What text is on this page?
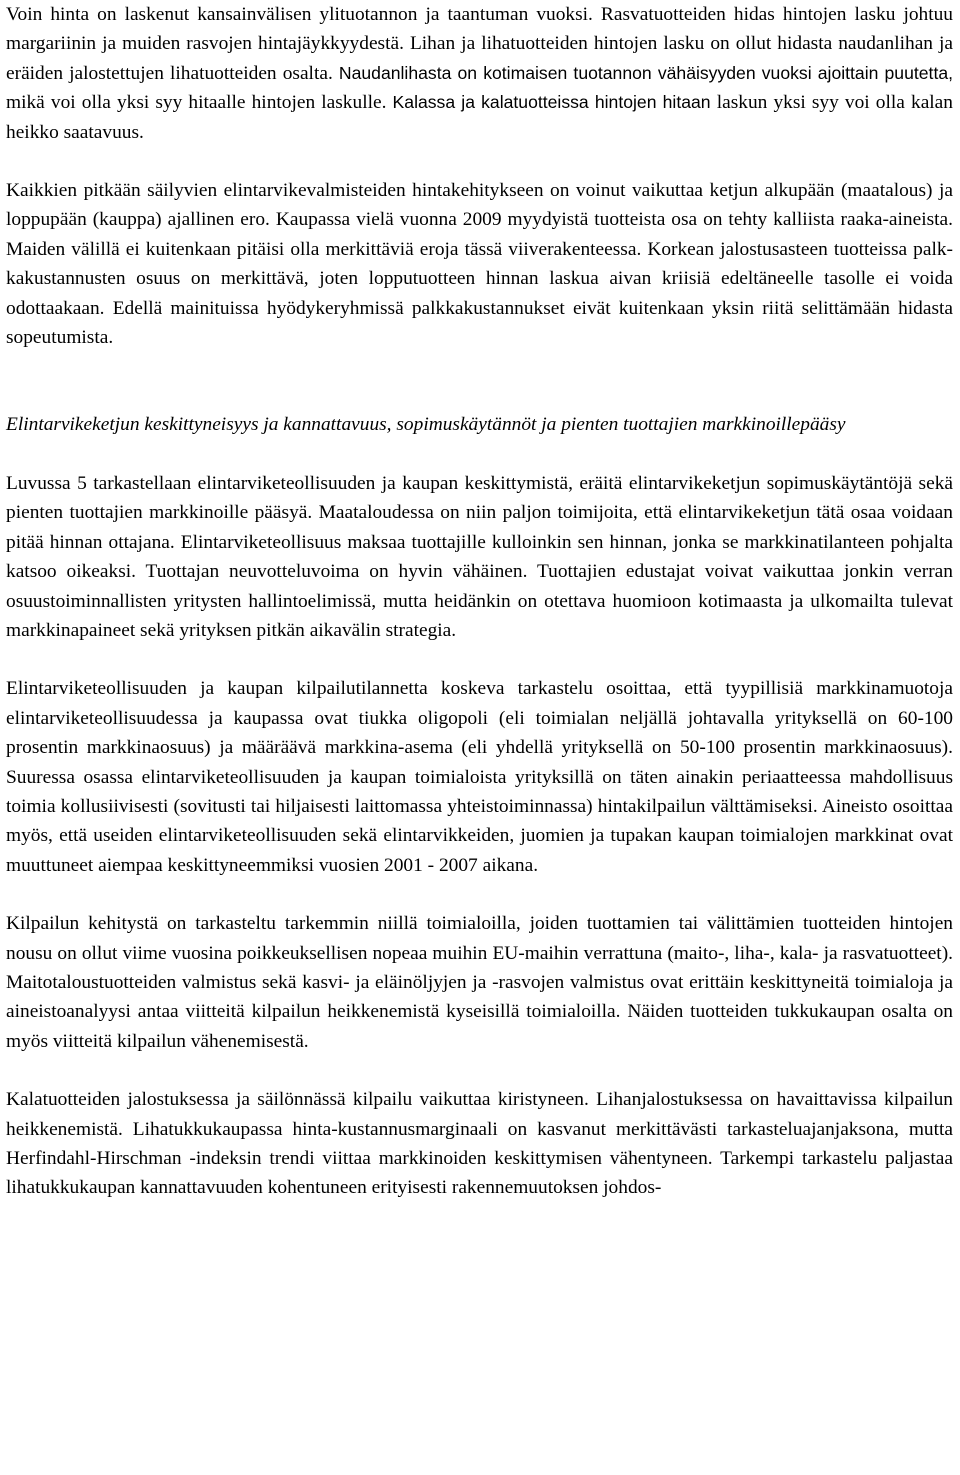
Voin hinta on laskenut kansainvälisen ylituotannon ja taantuman vuoksi. Rasvatuotteiden hidas hintojen lasku johtuu margariinin ja muiden rasvojen hintajäykkyydestä. Lihan ja lihatuotteiden hintojen lasku on ollut hidasta naudanlihan ja eräiden jalostettujen lihatuotteiden osalta. Naudanlihasta on kotimaisen tuotannon vähäisyyden vuoksi ajoittain puutetta, mikä voi olla yksi syy hitaalle hintojen laskulle. Kalassa ja kalatuotteissa hintojen hitaan laskun yksi syy voi olla kalan heikko saatavuus.

Kaikkien pitkään säilyvien elintarvikevalmisteiden hintakehitykseen on voinut vaikuttaa ketjun alkupään (maatalous) ja loppupään (kauppa) ajallinen ero. Kaupassa vielä vuonna 2009 myydyistä tuotteista osa on tehty kalliista raaka-aineista. Maiden välillä ei kuitenkaan pitäisi olla merkittäviä eroja tässä viiverakenteessa. Korkean jalostusasteen tuotteissa palkkakustannusten osuus on merkittävä, joten lopputuotteen hinnan laskua aivan kriisiä edeltäneelle tasolle ei voida odottaakaan. Edellä mainituissa hyödykeryhmissä palkkakustannukset eivät kuitenkaan yksin riitä selittämään hidasta sopeutumista.

Elintarvikeketjun keskittyneisyys ja kannattavuus, sopimuskäytännöt ja pienten tuottajien markkinoillepääsy

Luvussa 5 tarkastellaan elintarviketeollisuuden ja kaupan keskittymistä, eräitä elintarvikeketjun sopimuskäytäntöjä sekä pienten tuottajien markkinoille pääsyä. Maataloudessa on niin paljon toimijoita, että elintarvikeketjun tätä osaa voidaan pitää hinnan ottajana. Elintarviketeollisuus maksaa tuottajille kulloinkin sen hinnan, jonka se markkinatilanteen pohjalta katsoo oikeaksi. Tuottajan neuvotteluvoima on hyvin vähäinen. Tuottajien edustajat voivat vaikuttaa jonkin verran osuustoiminnallisten yritysten hallintoelimissä, mutta heidänkin on otettava huomioon kotimaasta ja ulkomailta tulevat markkinapaineet sekä yrityksen pitkän aikavälin strategia.

Elintarviketeollisuuden ja kaupan kilpailutilannetta koskeva tarkastelu osoittaa, että tyypillisiä markkinamuotoja elintarviketeollisuudessa ja kaupassa ovat tiukka oligopoli (eli toimialan neljällä johtavalla yrityksellä on 60-100 prosentin markkinaosuus) ja määräävä markkina-asema (eli yhdellä yrityksellä on 50-100 prosentin markkinaosuus). Suuressa osassa elintarviketeollisuuden ja kaupan toimialoista yrityksillä on täten ainakin periaatteessa mahdollisuus toimia kollusiivisesti (sovitusti tai hiljaisesti laittomassa yhteistoiminnassa) hintakilpailun välttämiseksi. Aineisto osoittaa myös, että useiden elintarviketeollisuuden sekä elintarvikkeiden, juomien ja tupakan kaupan toimialojen markkinat ovat muuttuneet aiempaa keskittyneemmiksi vuosien 2001 - 2007 aikana.

Kilpailun kehitystä on tarkasteltu tarkemmin niillä toimialoilla, joiden tuottamien tai välittämien tuotteiden hintojen nousu on ollut viime vuosina poikkeuksellisen nopeaa muihin EU-maihin verrattuna (maito-, liha-, kala- ja rasvatuotteet). Maitotaloustuotteiden valmistus sekä kasvi- ja eläinöljyjen ja -rasvojen valmistus ovat erittäin keskittyneitä toimialoja ja aineistoanalyysi antaa viitteitä kilpailun heikkenemistä kyseisillä toimialoilla. Näiden tuotteiden tukkukaupan osalta on myös viitteitä kilpailun vähenemisestä.

Kalatuotteiden jalostuksessa ja säilönnässä kilpailu vaikuttaa kiristyneen. Lihanjalostuksessa on havaittavissa kilpailun heikkenemistä. Lihatukkukaupassa hinta-kustannusmarginaali on kasvanut merkittävästi tarkasteluajanjaksona, mutta Herfindahl-Hirschman -indeksin trendi viittaa markkinoiden keskittymisen vähentyneen. Tarkempi tarkastelu paljastaa lihatukkukaupan kannattavuuden kohentuneen erityisesti rakennemuutoksen johdos-
